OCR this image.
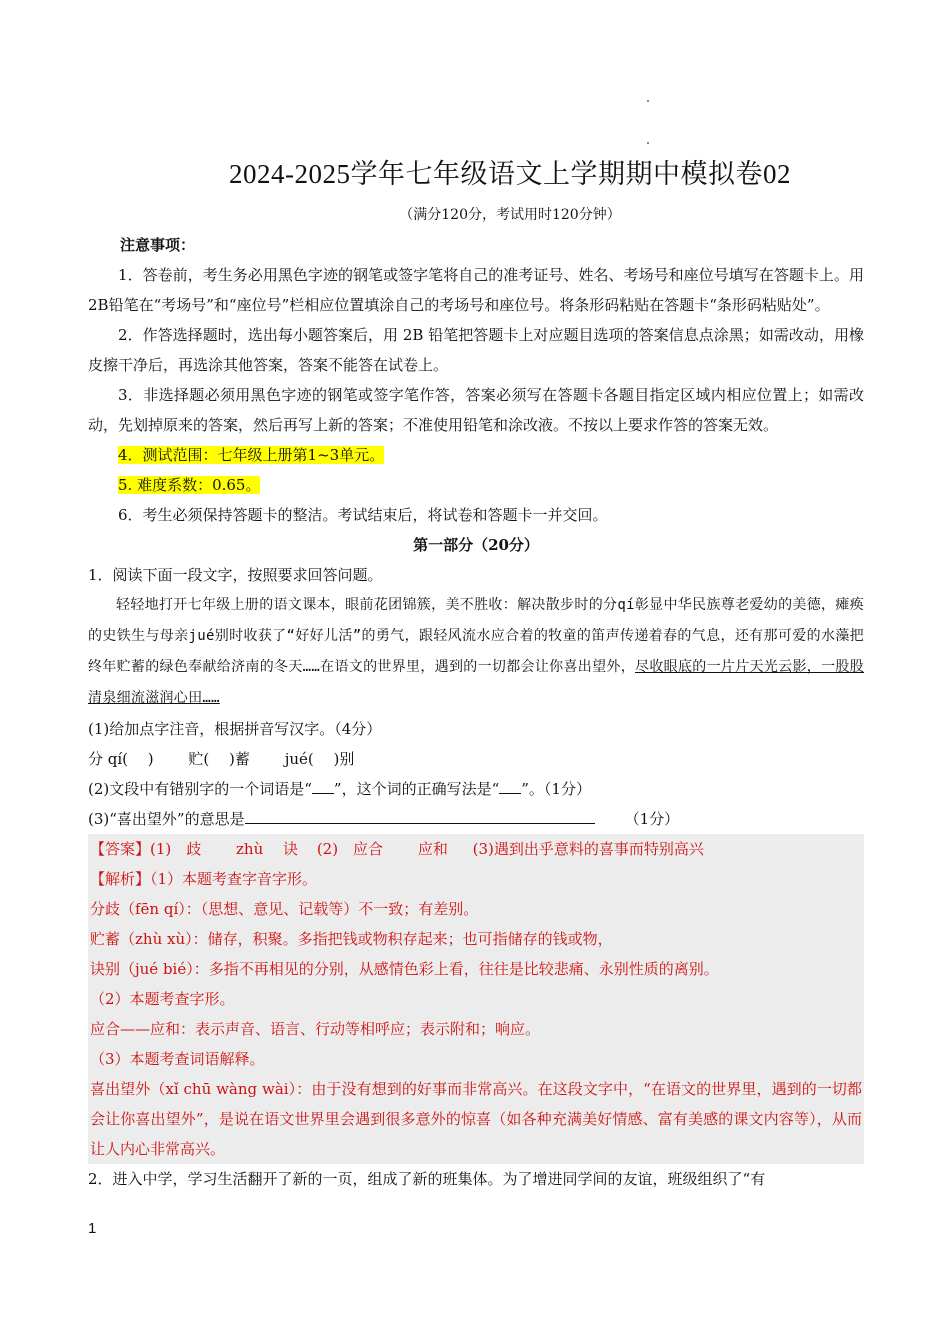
2024-2025学年七年级语文上学期期中模拟卷02
（满分120分，考试用时120分钟）

注意事项：

1．答卷前，考生务必用黑色字迹的钢笔或签字笔将自己的准考证号、姓名、考场号和座位号填写在答题卡上。用2B铅笔在“考场号”和“座位号”栏相应位置填涂自己的考场号和座位号。将条形码粘贴在答题卡“条形码粘贴处”。

2．作答选择题时，选出每小题答案后，用 2B 铅笔把答题卡上对应题目选项的答案信息点涂黑；如需改动，用橡皮擦干净后，再选涂其他答案，答案不能答在试卷上。

3．非选择题必须用黑色字迹的钢笔或签字笔作答，答案必须写在答题卡各题目指定区域内相应位置上；如需改动，先划掉原来的答案，然后再写上新的答案；不准使用铅笔和涂改液。不按以上要求作答的答案无效。

4．测试范围：七年级上册第1~3单元。

5. 难度系数：0.65。

6．考生必须保持答题卡的整洁。考试结束后，将试卷和答题卡一并交回。

第一部分（20分）

1．阅读下面一段文字，按照要求回答问题。

轻轻地打开七年级上册的语文课本，眼前花团锦簇，美不胜收：解决散步时的分qí彰显中华民族尊老爱幼的美德，瘫痪的史铁生与母亲jué别时收获了“好好儿活”的勇气，跟轻风流水应合着的牧童的笛声传递着春的气息，还有那可爱的水藻把终年贮蓄的绿色奉献给济南的冬天……在语文的世界里，遇到的一切都会让你喜出望外，尽收眼底的一片片天光云影，一股股清泉细流滋润心田……

(1)给加点字注音，根据拼音写汉字。（4分）

分 qí(　 ) 贮(　 )蓄 jué(　 )别

(2)文段中有错别字的一个词语是“ ”，这个词的正确写法是“ ”。（1分）

(3)“喜出望外”的意思是	（1分）

【答案】(1)　歧 zhù　 诀 (2)　应合 应和 (3)遇到出乎意料的喜事而特别高兴

【解析】（1）本题考查字音字形。

分歧（fēn qí）：（思想、意见、记载等）不一致；有差别。

贮蓄（zhù xù）：储存，积聚。多指把钱或物积存起来；也可指储存的钱或物，

诀别（jué bié）：多指不再相见的分别，从感情色彩上看，往往是比较悲痛、永别性质的离别。

（2）本题考查字形。

应合——应和：表示声音、语言、行动等相呼应；表示附和；响应。

（3）本题考查词语解释。

喜出望外（xǐ chū wàng wài）：由于没有想到的好事而非常高兴。在这段文字中，“在语文的世界里，遇到的一切都会让你喜出望外”，是说在语文世界里会遇到很多意外的惊喜（如各种充满美好情感、富有美感的课文内容等），从而让人内心非常高兴。

2．进入中学，学习生活翻开了新的一页，组成了新的班集体。为了增进同学间的友谊，班级组织了“有

1
